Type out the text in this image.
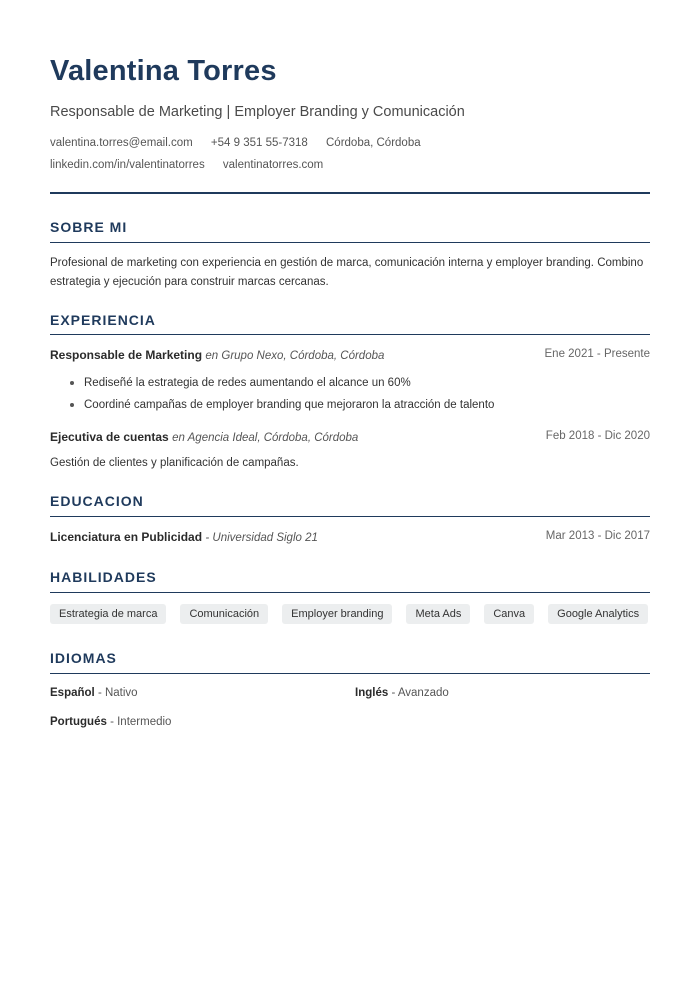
Valentina Torres
Responsable de Marketing | Employer Branding y Comunicación
valentina.torres@email.com +54 9 351 55-7318 Córdoba, Córdoba
linkedin.com/in/valentinatorres valentinatorres.com
SOBRE MI
Profesional de marketing con experiencia en gestión de marca, comunicación interna y employer branding. Combino estrategia y ejecución para construir marcas cercanas.
EXPERIENCIA
Responsable de Marketing en Grupo Nexo, Córdoba, Córdoba	Ene 2021 - Presente
Rediseñé la estrategia de redes aumentando el alcance un 60%
Coordiné campañas de employer branding que mejoraron la atracción de talento
Ejecutiva de cuentas en Agencia Ideal, Córdoba, Córdoba	Feb 2018 - Dic 2020
Gestión de clientes y planificación de campañas.
EDUCACION
Licenciatura en Publicidad - Universidad Siglo 21	Mar 2013 - Dic 2017
HABILIDADES
Estrategia de marca	Comunicación	Employer branding	Meta Ads	Canva	Google Analytics
IDIOMAS
Español - Nativo	Inglés - Avanzado
Portugués - Intermedio
